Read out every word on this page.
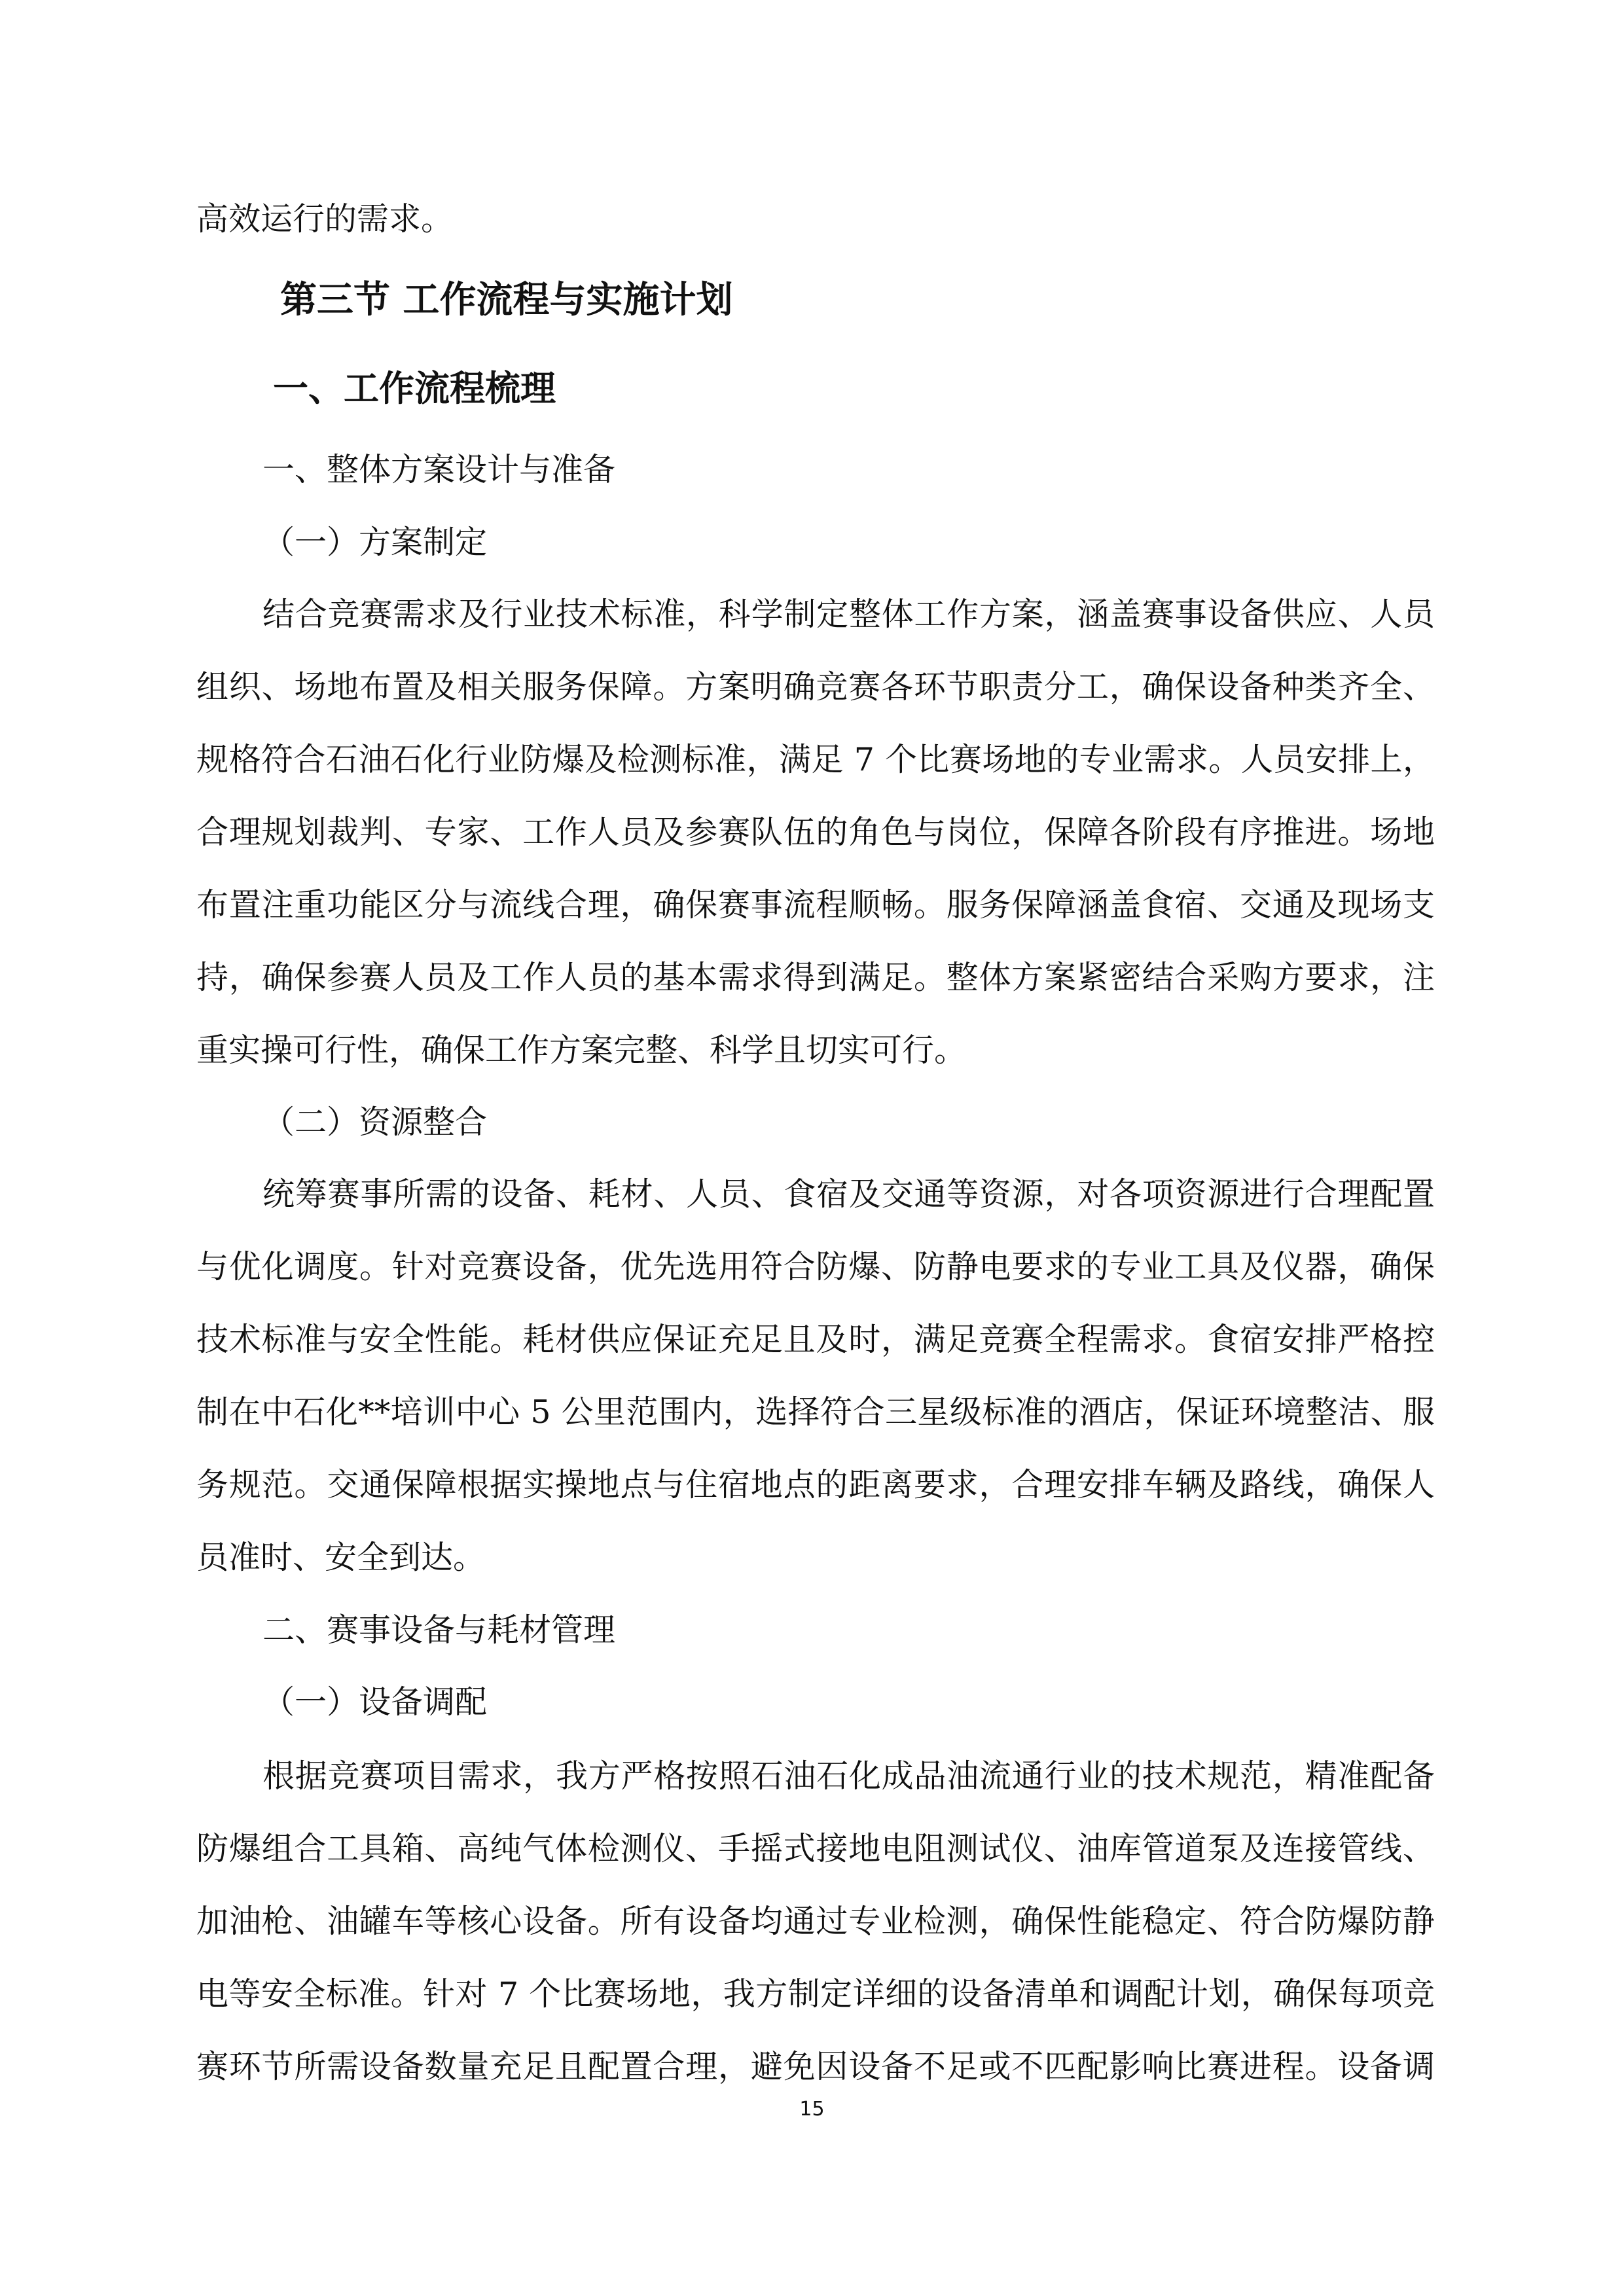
高效运行的需求。
第三节 工作流程与实施计划
一、工作流程梳理
一、整体方案设计与准备
（一）方案制定
结合竞赛需求及行业技术标准，科学制定整体工作方案，涵盖赛事设备供应、人员
组织、场地布置及相关服务保障。方案明确竞赛各环节职责分工，确保设备种类齐全、
规格符合石油石化行业防爆及检测标准，满足 7 个比赛场地的专业需求。人员安排上，
合理规划裁判、专家、工作人员及参赛队伍的角色与岗位，保障各阶段有序推进。场地
布置注重功能区分与流线合理，确保赛事流程顺畅。服务保障涵盖食宿、交通及现场支
持，确保参赛人员及工作人员的基本需求得到满足。整体方案紧密结合采购方要求，注
重实操可行性，确保工作方案完整、科学且切实可行。
（二）资源整合
统筹赛事所需的设备、耗材、人员、食宿及交通等资源，对各项资源进行合理配置
与优化调度。针对竞赛设备，优先选用符合防爆、防静电要求的专业工具及仪器，确保
技术标准与安全性能。耗材供应保证充足且及时，满足竞赛全程需求。食宿安排严格控
制在中石化**培训中心 5 公里范围内，选择符合三星级标准的酒店，保证环境整洁、服
务规范。交通保障根据实操地点与住宿地点的距离要求，合理安排车辆及路线，确保人
员准时、安全到达。
二、赛事设备与耗材管理
（一）设备调配
根据竞赛项目需求，我方严格按照石油石化成品油流通行业的技术规范，精准配备
防爆组合工具箱、高纯气体检测仪、手摇式接地电阻测试仪、油库管道泵及连接管线、
加油枪、油罐车等核心设备。所有设备均通过专业检测，确保性能稳定、符合防爆防静
电等安全标准。针对 7 个比赛场地，我方制定详细的设备清单和调配计划，确保每项竞
赛环节所需设备数量充足且配置合理，避免因设备不足或不匹配影响比赛进程。设备调
15
